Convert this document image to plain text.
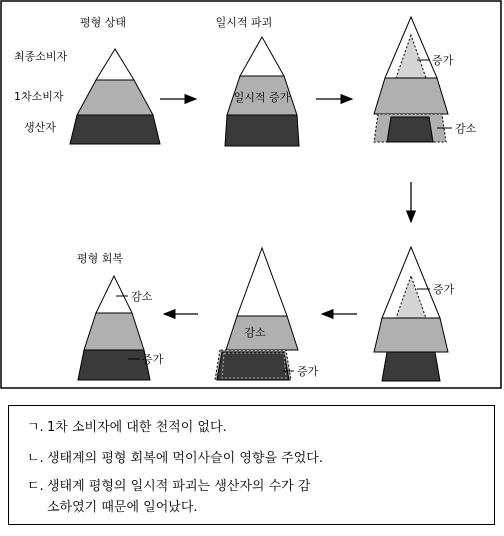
평형 상태
최종소비자
1차소비자
생산자
일시적 파괴
일시적 증가
증가
감소
증가
감소
증가
평형 회복
감소
증가
ㄱ. 1차 소비자에 대한 천적이 없다.
ㄴ. 생태계의 평형 회복에 먹이사슬이 영향을 주었다.
ㄷ. 생태계 평형의 일시적 파괴는 생산자의 수가 감
소하였기 때문에 일어났다.
